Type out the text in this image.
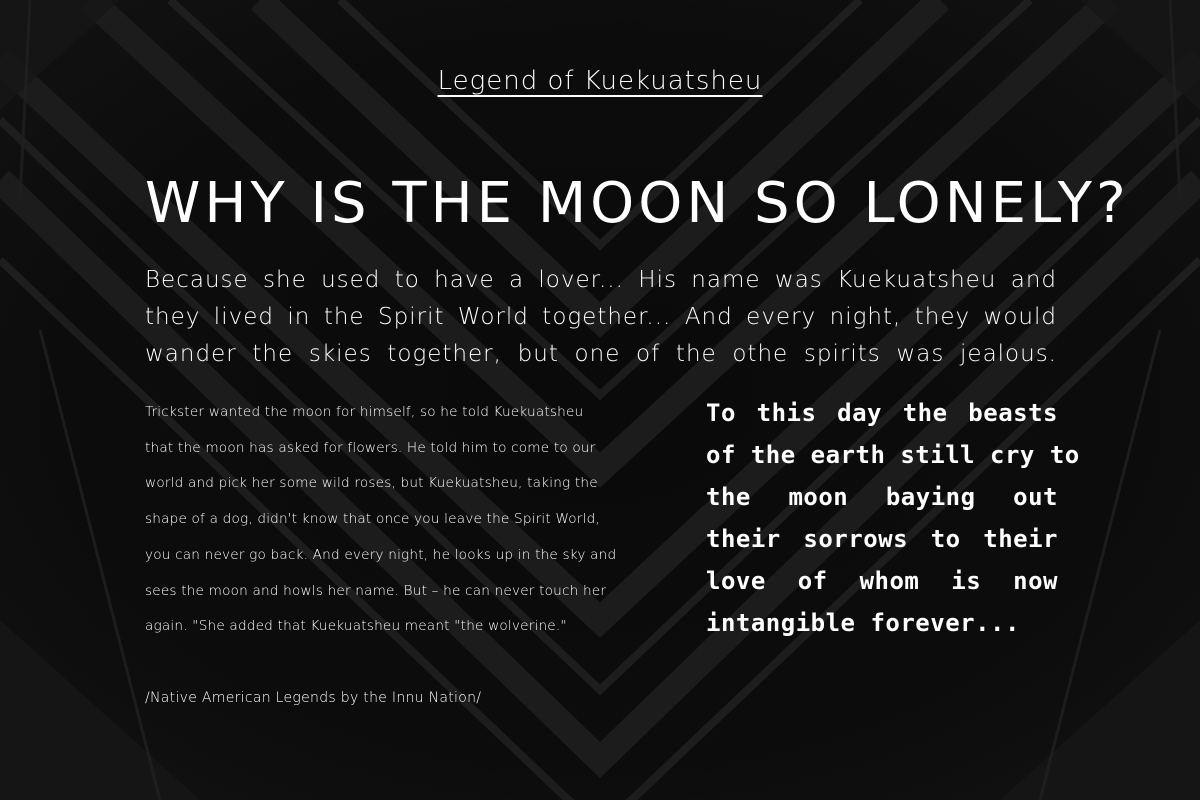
Legend of Kuekuatsheu
WHY IS THE MOON SO LONELY?
Because she used to have a lover... His name was Kuekuatsheu and
they lived in the Spirit World together... And every night, they would
wander the skies together, but one of the othe spirits was jealous.
Trickster wanted the moon for himself, so he told Kuekuatsheu
that the moon has asked for flowers. He told him to come to our
world and pick her some wild roses, but Kuekuatsheu, taking the
shape of a dog, didn't know that once you leave the Spirit World,
you can never go back. And every night, he looks up in the sky and
sees the moon and howls her name. But – he can never touch her
again. "She added that Kuekuatsheu meant "the wolverine."
To this day the beasts
of the earth still cry to
the moon baying out
their sorrows to their
love of whom is now
intangible forever...
/Native American Legends by the Innu Nation/
